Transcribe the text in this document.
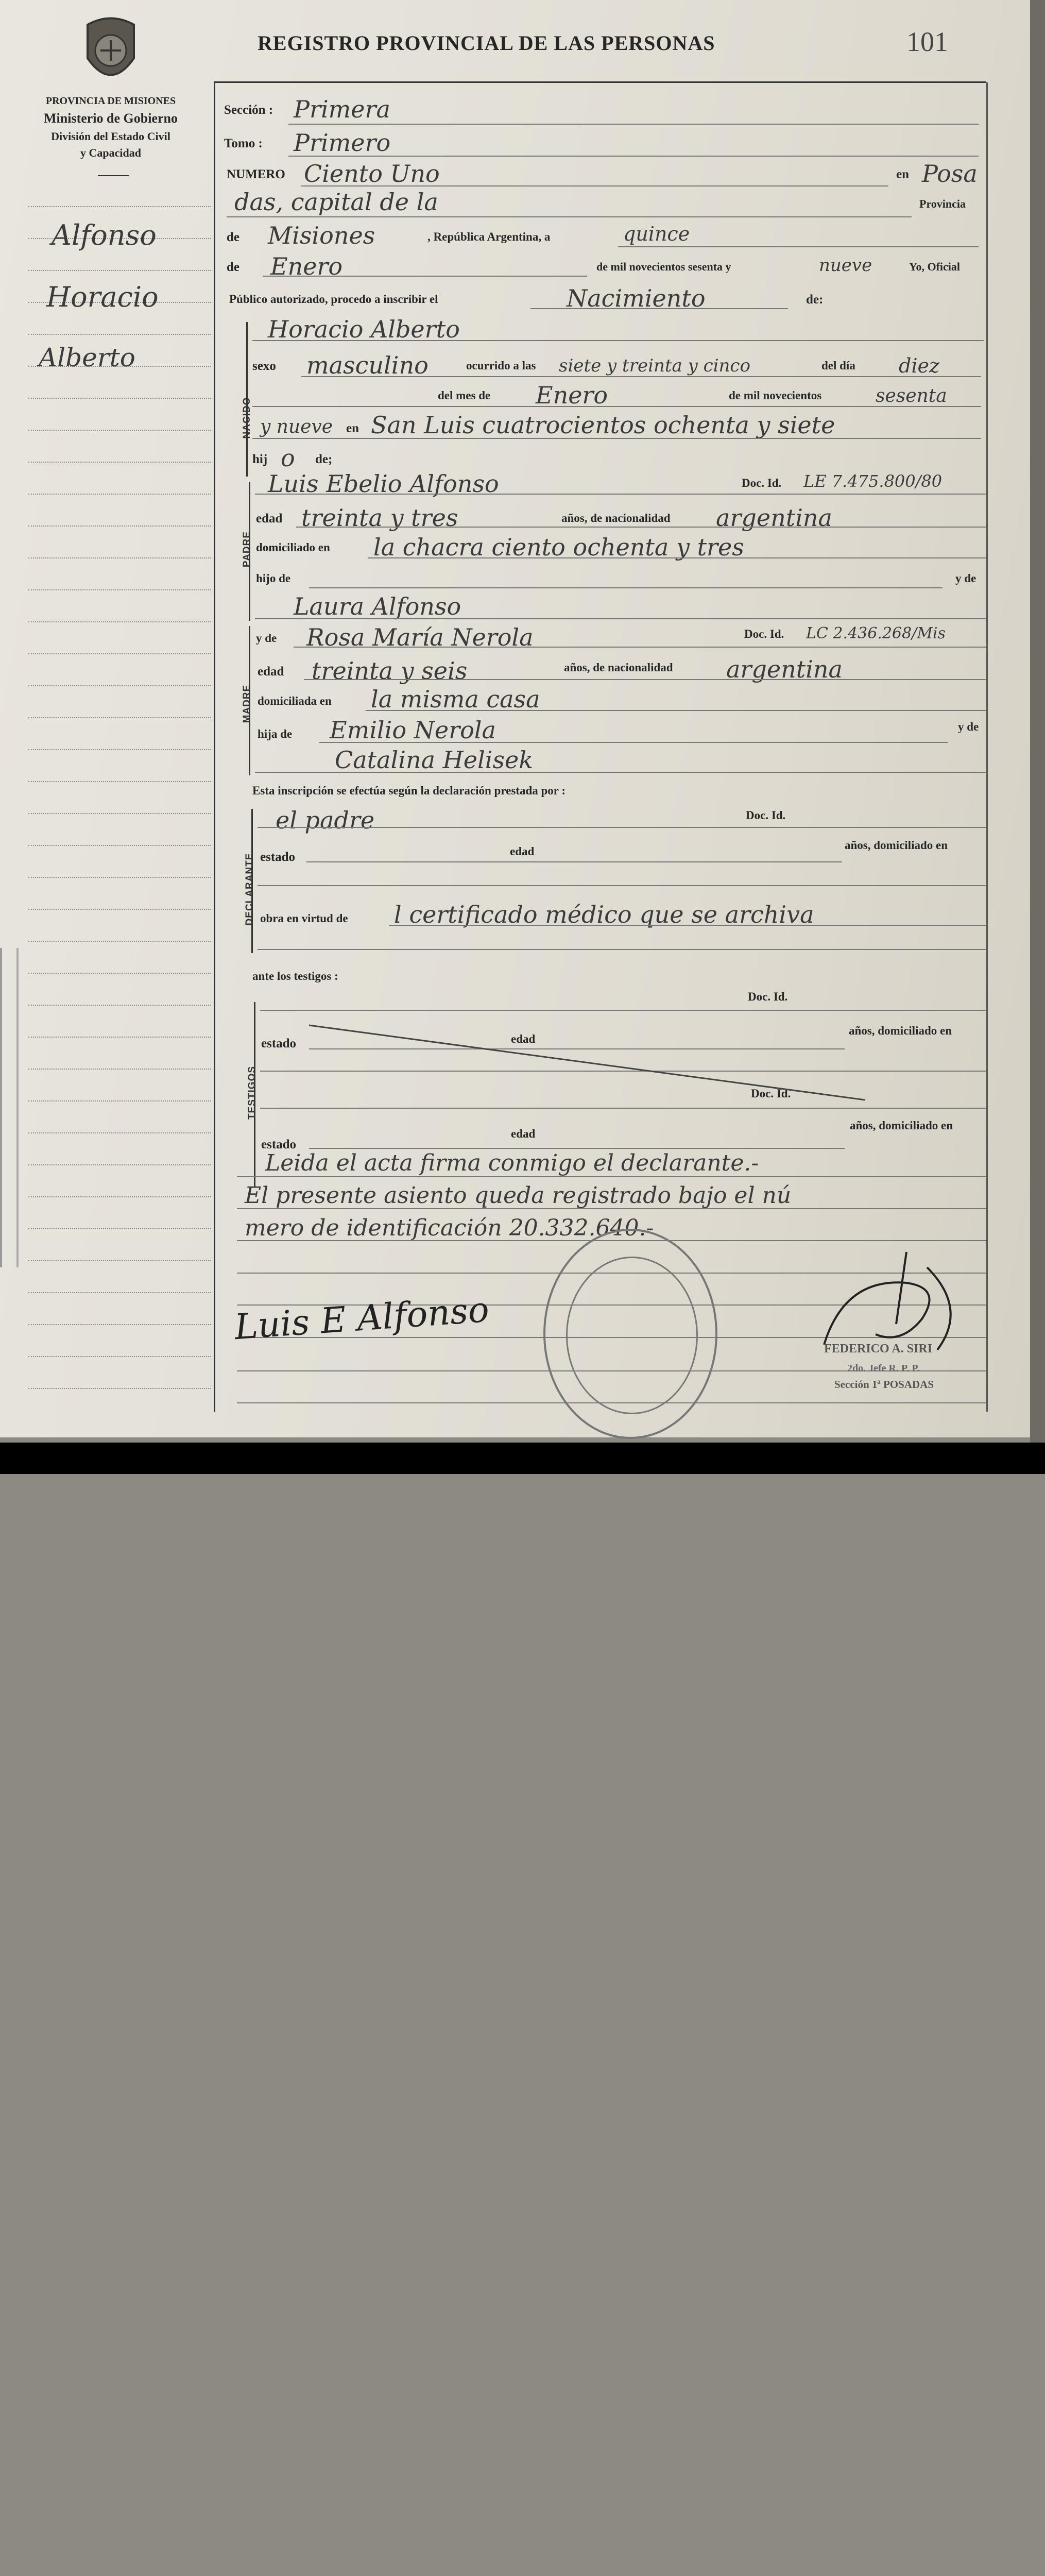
REGISTRO PROVINCIAL DE LAS PERSONAS	101
PROVINCIA DE MISIONES
Ministerio de Gobierno
División del Estado Civil
y Capacidad
Alfonso
Horacio
Alberto
Sección : Primera
Tomo : Primero
NUMERO Ciento Uno	en Posa
das, capital de la	Provincia
de Misiones	, República Argentina, a	quince
de Enero	de mil novecientos sesenta y	nueve	Yo, Oficial
Público autorizado, procedo a inscribir el	Nacimiento	de:
NACIDO
Horacio Alberto
sexo masculino	ocurrido a las siete y treinta y cinco	del día diez
del mes de Enero	de mil novecientos	sesenta
y nueve en San Luis cuatrocientos ochenta y siete
hij o de;
PADRE
Luis Ebelio Alfonso	Doc. Id. LE 7.475.800/80
edad treinta y tres	años, de nacionalidad argentina
domiciliado en la chacra ciento ochenta y tres
hijo de	y de
Laura Alfonso
MADRE
y de Rosa María Nerola	Doc. Id. LC 2.436.268/Mis
edad treinta y seis	años, de nacionalidad argentina
domiciliada en la misma casa
hija de Emilio Nerola	y de
Catalina Helisek
Esta inscripción se efectúa según la declaración prestada por :
DECLARANTE
el padre	Doc. Id.
estado	edad	años, domiciliado en
obra en virtud de l certificado médico que se archiva
ante los testigos :
TESTIGOS
Doc. Id.
estado	edad
años, domiciliado en
Doc. Id.
estado
edad
años, domiciliado en
Leida el acta firma conmigo el declarante.-
El presente asiento queda registrado bajo el nú
mero de identificación 20.332.640.-
Luis E Alfonso
FEDERICO A. SIRI
2do. Jefe R. P. P.
Sección 1ª POSADAS
